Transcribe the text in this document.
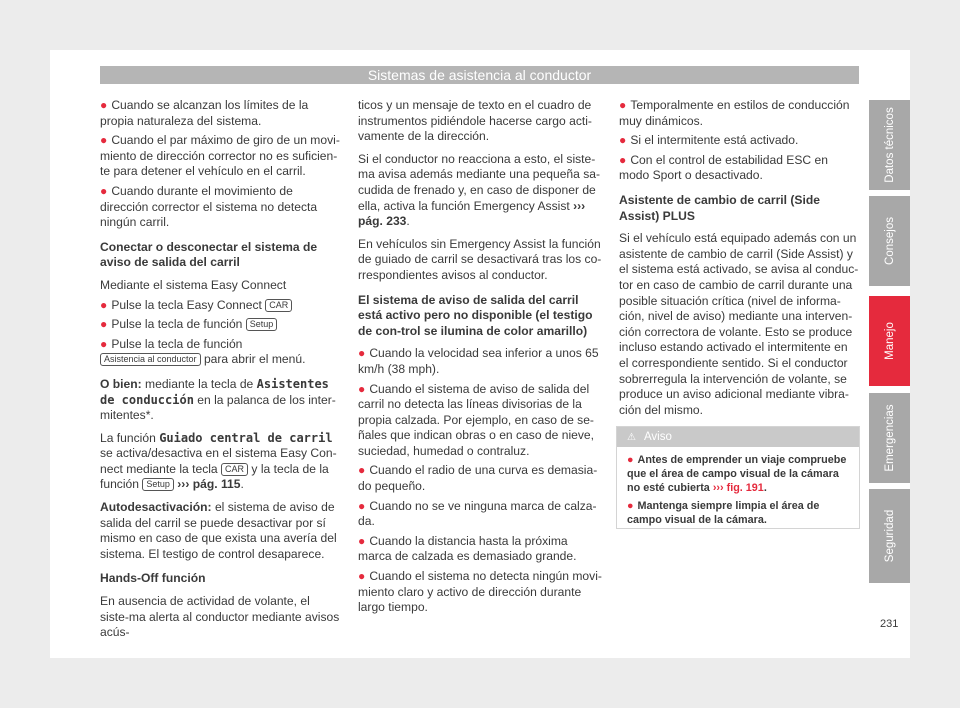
Sistemas de asistencia al conductor

● Cuando se alcanzan los límites de la propia naturaleza del sistema.

● Cuando el par máximo de giro de un movi-miento de dirección corrector no es suficien-te para detener el vehículo en el carril.

● Cuando durante el movimiento de dirección corrector el sistema no detecta ningún carril.

Conectar o desconectar el sistema de aviso de salida del carril

Mediante el sistema Easy Connect

● Pulse la tecla Easy Connect CAR

● Pulse la tecla de función Setup

● Pulse la tecla de función Asistencia al conductor para abrir el menú.

O bien: mediante la tecla de Asistentes de conducción en la palanca de los inter-mitentes*.

La función Guiado central de carril se activa/desactiva en el sistema Easy Con-nect mediante la tecla CAR y la tecla de la función Setup ››› pág. 115.

Autodesactivación: el sistema de aviso de salida del carril se puede desactivar por sí mismo en caso de que exista una avería del sistema. El testigo de control desaparece.

Hands-Off función

En ausencia de actividad de volante, el siste-ma alerta al conductor mediante avisos acús-

ticos y un mensaje de texto en el cuadro de instrumentos pidiéndole hacerse cargo acti-vamente de la dirección.

Si el conductor no reacciona a esto, el siste-ma avisa además mediante una pequeña sa-cudida de frenado y, en caso de disponer de ella, activa la función Emergency Assist ››› pág. 233.

En vehículos sin Emergency Assist la función de guiado de carril se desactivará tras los co-rrespondientes avisos al conductor.

El sistema de aviso de salida del carril está activo pero no disponible (el testigo de con-trol se ilumina de color amarillo)

● Cuando la velocidad sea inferior a unos 65 km/h (38 mph).

● Cuando el sistema de aviso de salida del carril no detecta las líneas divisorias de la propia calzada. Por ejemplo, en caso de se-ñales que indican obras o en caso de nieve, suciedad, humedad o contraluz.

● Cuando el radio de una curva es demasia-do pequeño.

● Cuando no se ve ninguna marca de calza-da.

● Cuando la distancia hasta la próxima marca de calzada es demasiado grande.

● Cuando el sistema no detecta ningún movi-miento claro y activo de dirección durante largo tiempo.

● Temporalmente en estilos de conducción muy dinámicos.

● Si el intermitente está activado.

● Con el control de estabilidad ESC en modo Sport o desactivado.

Asistente de cambio de carril (Side Assist) PLUS

Si el vehículo está equipado además con un asistente de cambio de carril (Side Assist) y el sistema está activado, se avisa al conduc-tor en caso de cambio de carril durante una posible situación crítica (nivel de informa-ción, nivel de aviso) mediante una interven-ción correctora de volante. Esto se produce incluso estando activado el intermitente en el correspondiente sentido. Si el conductor sobrerregula la intervención de volante, se produce un aviso adicional mediante vibra-ción del mismo.

⚠ Aviso

● Antes de emprender un viaje compruebe que el área de campo visual de la cámara no esté cubierta ››› fig. 191.

● Mantenga siempre limpia el área de campo visual de la cámara.

Datos técnicos
Consejos
Manejo
Emergencias
Seguridad
231
